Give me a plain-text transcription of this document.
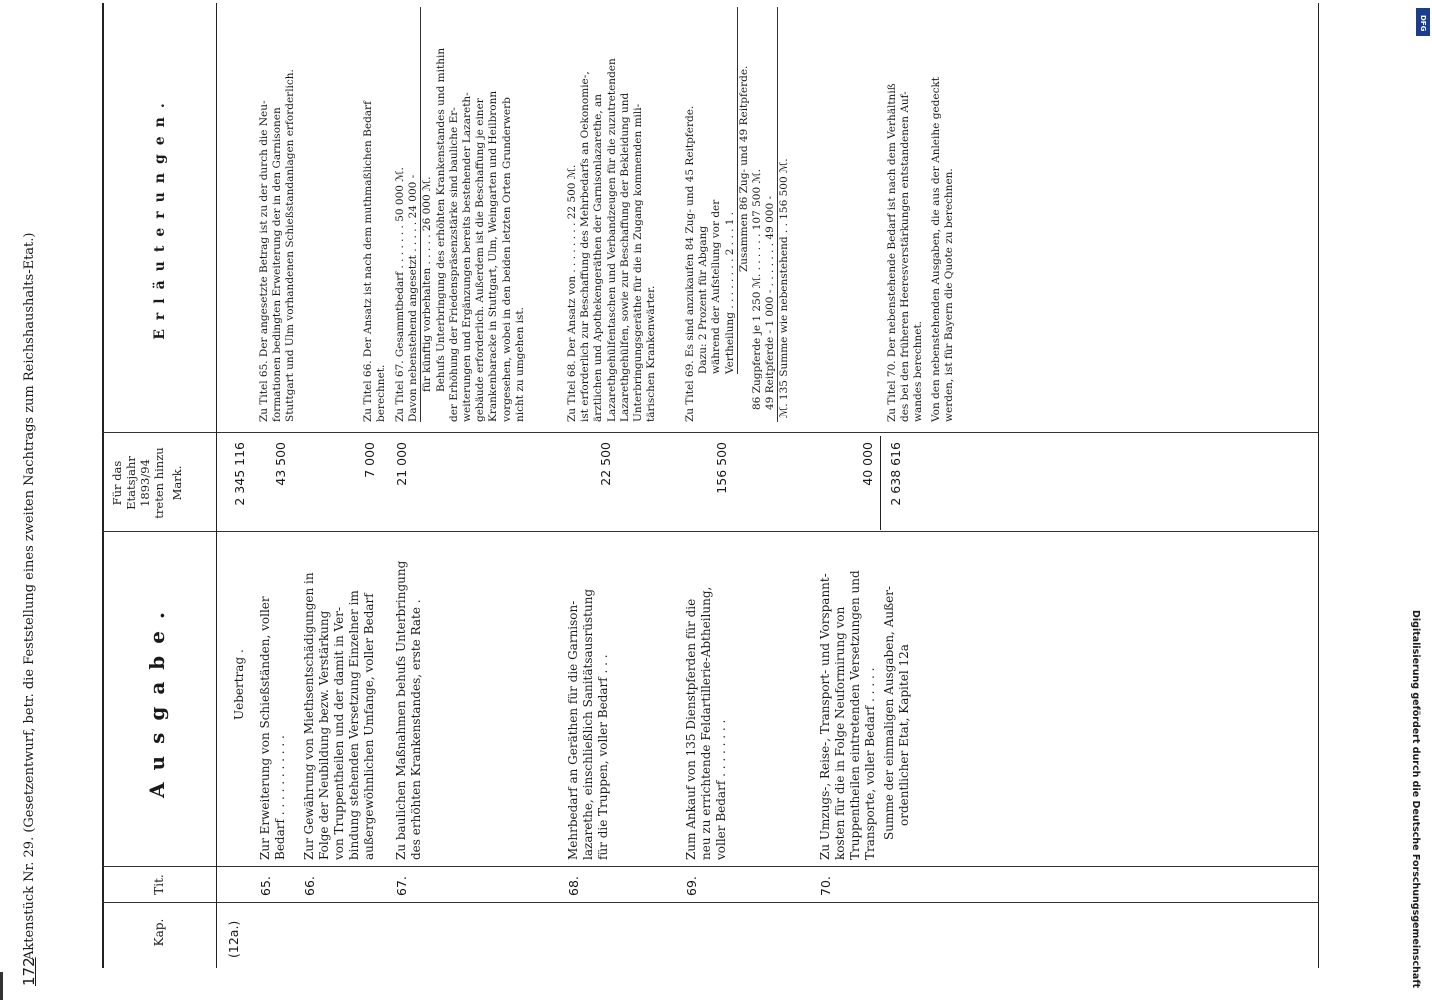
172
Aktenstück Nr. 29. (Gesetzentwurf, betr. die Feststellung eines zweiten Nachtrags zum Reichshaushalts-Etat.)	Kap.
Tit.
Ausgabe.
Für das Etatsjahr 1893/94 treten hinzu Mark.
Erläuterungen.
(12a.)
Uebertrag .
2 345 116
65.
Zur Erweiterung von Schießständen, voller Bedarf . . . . . . . . . . .
43 500
Zu Titel 65. Der angesetzte Betrag ist zu der durch die Neu- formationen bedingten Erweiterung der in den Garnisonen Stuttgart und Ulm vorhandenen Schießstandanlagen erforderlich.
66.
Zur Gewährung von Miethsentschädigungen in Folge der Neubildung bezw. Verstärkung von Truppentheilen und der damit in Ver- bindung stehenden Versetzung Einzelner im außergewöhnlichen Umfange, voller Bedarf
7 000
Zu Titel 66. Der Ansatz ist nach dem muthmaßlichen Bedarf berechnet.
67.
Zu baulichen Maßnahmen behufs Unterbringung des erhöhten Krankenstandes, erste Rate .
21 000
Zu Titel 67. Gesammtbedarf . . . . . . . 50 000 ℳ. Davon nebenstehend angesetzt . . . . . 24 000 - für künftig vorbehalten . . . . . 26 000 ℳ. Behufs Unterbringung des erhöhten Krankenstandes und mithin der Erhöhung der Friedenspräsenzstärke sind bauliche Er- weiterungen und Ergänzungen bereits bestehender Lazareth- gebäude erforderlich. Außerdem ist die Beschaffung je einer Krankenbaracke in Stuttgart, Ulm, Weingarten und Heilbronn vorgesehen, wobei in den beiden letzten Orten Grunderwerb nicht zu umgehen ist.
68.
Mehrbedarf an Geräthen für die Garnison- lazarethe, einschließlich Sanitätsausrüstung für die Truppen, voller Bedarf . . .
22 500
Zu Titel 68. Der Ansatz von . . . . . . . . 22 500 ℳ. ist erforderlich zur Beschaffung des Mehrbedarfs an Oekonomie-, ärztlichen und Apothekengeräthen der Garnisonlazarethe, an Lazarethgehülfentaschen und Verbandzeugen für die zuzutretenden Lazarethgehülfen, sowie zur Beschaffung der Bekleidung und Unterbringungsgeräthe für die in Zugang kommenden mili- tärischen Krankenwärter.
69.
Zum Ankauf von 135 Dienstpferden für die neu zu errichtende Feldartillerie-Abtheilung, voller Bedarf . . . . . . . .
156 500
Zu Titel 69. Es sind anzukaufen 84 Zug- und 45 Reitpferde. Dazu: 2 Prozent für Abgang während der Aufstellung vor der Vertheilung . . . . . . . . 2 . . . 1 .
Zusammen 86 Zug- und 49 Reitpferde.
86 Zugpferde je 1 250 ℳ. . . . . . . 107 500 ℳ. 49 Reitpferde - 1 000 - . . . . . . . 49 000 - ℳ. 135 Summe wie nebenstehend . . 156 500 ℳ.
70.
Zu Umzugs-, Reise-, Transport- und Vorspannt- kosten für die in Folge Neuformirung von Truppentheilen eintretenden Versetzungen und Transporte, voller Bedarf . . . . .
40 000
Zu Titel 70. Der nebenstehende Bedarf ist nach dem Verhältniß des bei den früheren Heeresverstärkungen entstandenen Auf- wandes berechnet.
Summe der einmaligen Ausgaben, Außer- ordentlicher Etat, Kapitel 12a
2 638 616
Von den nebenstehenden Ausgaben, die aus der Anleihe gedeckt werden, ist für Bayern die Quote zu berechnen.
Digitalisierung gefördert durch die Deutsche Forschungsgemeinschaft
DFG
